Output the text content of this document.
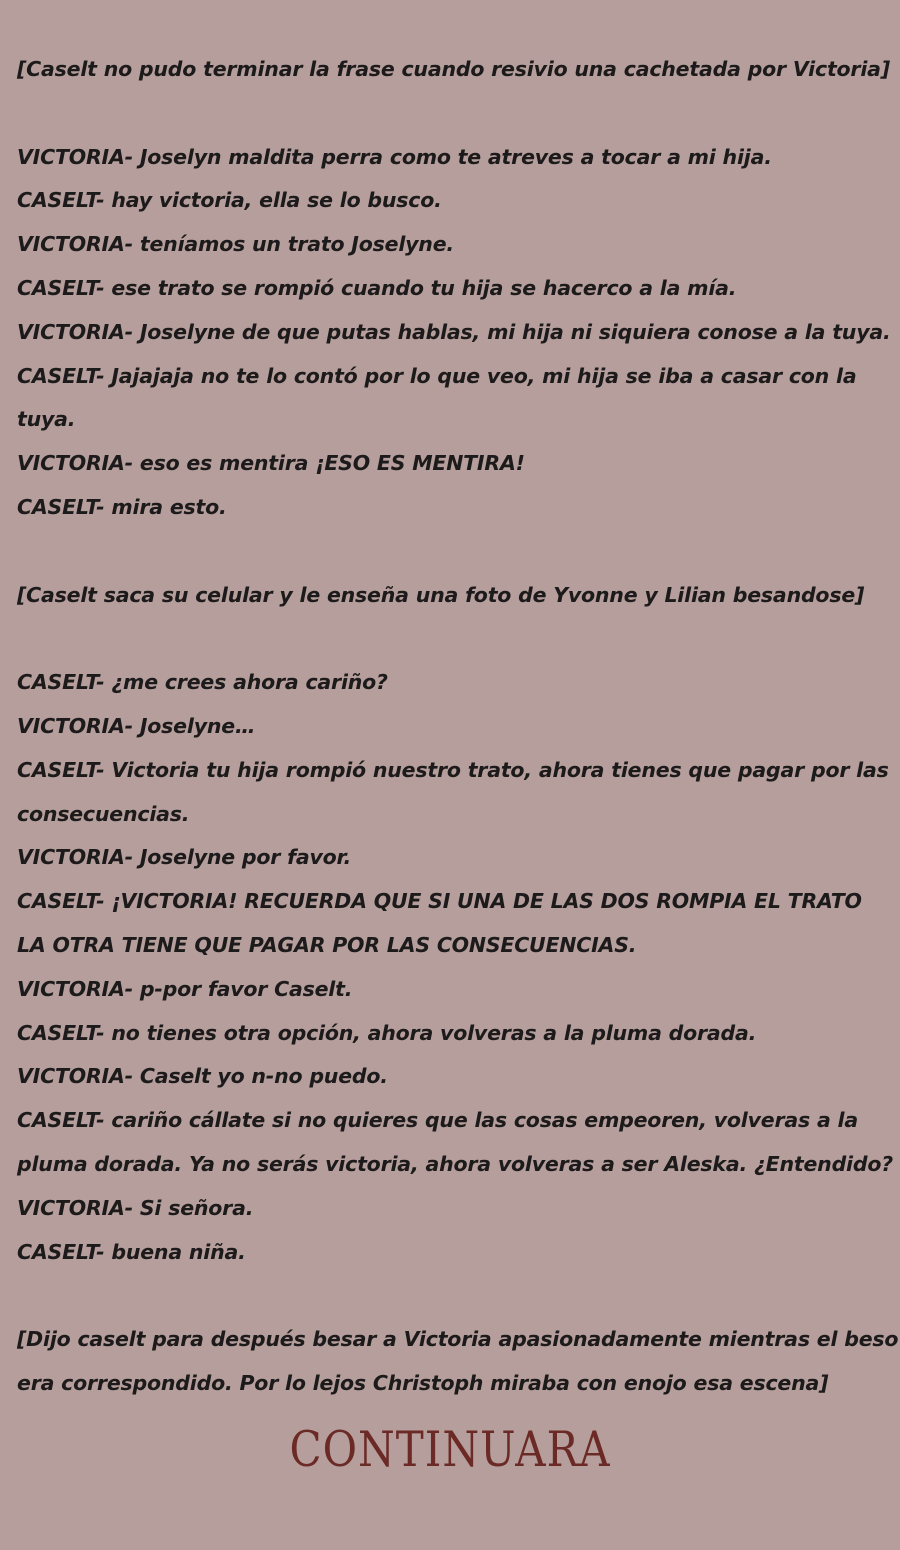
[Caselt no pudo terminar la frase cuando resivio una cachetada por Victoria]
VICTORIA- Joselyn maldita perra como te atreves a tocar a mi hija.
CASELT- hay victoria, ella se lo busco.
VICTORIA- teníamos un trato Joselyne.
CASELT- ese trato se rompió cuando tu hija se hacerco a la mía.
VICTORIA- Joselyne de que putas hablas, mi hija ni siquiera conose a la tuya.
CASELT- Jajajaja no te lo contó por lo que veo, mi hija se iba a casar con la
tuya.
VICTORIA- eso es mentira ¡ESO ES MENTIRA!
CASELT- mira esto.
[Caselt saca su celular y le enseña una foto de Yvonne y Lilian besandose]
CASELT- ¿me crees ahora cariño?
VICTORIA- Joselyne…
CASELT- Victoria tu hija rompió nuestro trato, ahora tienes que pagar por las
consecuencias.
VICTORIA- Joselyne por favor.
CASELT- ¡VICTORIA! RECUERDA QUE SI UNA DE LAS DOS ROMPIA EL TRATO
LA OTRA TIENE QUE PAGAR POR LAS CONSECUENCIAS.
VICTORIA- p-por favor Caselt.
CASELT- no tienes otra opción, ahora volveras a la pluma dorada.
VICTORIA- Caselt yo n-no puedo.
CASELT- cariño cállate si no quieres que las cosas empeoren, volveras a la
pluma dorada. Ya no serás victoria, ahora volveras a ser Aleska. ¿Entendido?
VICTORIA- Si señora.
CASELT- buena niña.
[Dijo caselt para después besar a Victoria apasionadamente mientras el beso
era correspondido. Por lo lejos Christoph miraba con enojo esa escena]
CONTINUARA
